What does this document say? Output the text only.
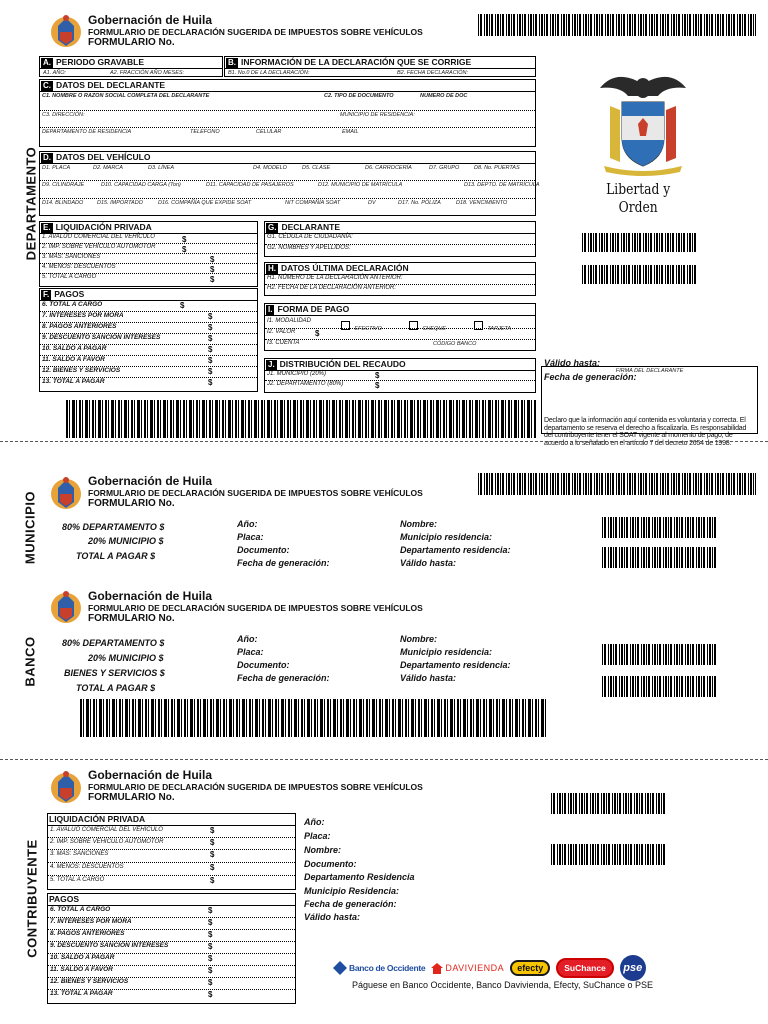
Gobernación de Huila
FORMULARIO DE DECLARACIÓN SUGERIDA DE IMPUESTOS SOBRE VEHÍCULOS
FORMULARIO No.
DEPARTAMENTO
A. PERIODO GRAVABLE
A1. AÑO:	A2. FRACCIÓN AÑO MESES:
B. INFORMACIÓN DE LA DECLARACIÓN QUE SE CORRIGE
B1. No.0 DE LA DECLARACIÓN:	B2. FECHA DECLARACIÓN:
C. DATOS DEL DECLARANTE
C1. NOMBRE O RAZON SOCIAL COMPLETA DEL DECLARANTE	C2. TIPO DE DOCUMENTO	NUMERO DE DOC
C3. DIRECCIÓN:	MUNICIPIO DE RESIDENCIA:
DEPARTAMENTO DE RESIDENCIA	TELEFONO	CELULAR	EMAIL
D. DATOS DEL VEHÍCULO
D1. PLACA	D2. MARCA	D3. LÍNEA	D4. MODELO	D5. CLASE	D6. CARROCERÍA	D7. GRUPO	D8. No. PUERTAS
D9. CILINDRAJE	D10. CAPACIDAD CARGA (Ton)	D11. CAPACIDAD DE PASAJEROS	D12. MUNICIPIO DE MATRÍCULA	D13. DEPTO. DE MATRÍCULA
D14. BLINDADO D15. IMPORTADO	D16. COMPAÑÍA QUE EXPIDE SOAT	NIT COMPAÑÍA SOAT	DV	D17. No. PÓLIZA	D18. VENCIMIENTO
E. LIQUIDACIÓN PRIVADA
1. AVALÚO COMERCIAL DEL VEHÍCULO	$
2. IMP. SOBRE VEHÍCULO AUTOMOTOR	$
3. MÁS: SANCIONES	$
4. MENOS: DESCUENTOS	$
5. TOTAL A CARGO	$
F. PAGOS
6. TOTAL A CARGO	$
7. INTERESES POR MORA	$
8. PAGOS ANTERIORES	$
9. DESCUENTO SANCIÓN INTERESES	$
10. SALDO A PAGAR	$
11. SALDO A FAVOR	$
12. BIENES Y SERVICIOS	$
13. TOTAL A PAGAR	$
G. DECLARANTE
G1. CÉDULA DE CIUDADANÍA:
G2. NOMBRES Y APELLIDOS:
H. DATOS ÚLTIMA DECLARACIÓN
H1. NÚMERO DE LA DECLARACIÓN ANTERIOR:
H2. FECHA DE LA DECLARACIÓN ANTERIOR:
I. FORMA DE PAGO
I1. MODALIDAD
EFECTIVO	CHEQUE	TARJETA
I2. VALOR $
I3. CUENTA	CÓDIGO BANCO
J. DISTRIBUCIÓN DEL RECAUDO
J1. MUNICIPIO (20%)	$
J2. DEPARTAMENTO (80%)	$
Libertad y Orden
Válido hasta:
Fecha de generación:
FIRMA DEL DECLARANTE
Declaro que la información aquí contenida es voluntaria y correcta. El departamento se reserva el derecho a fiscalizarla. Es responsabilidad del contribuyente tener el SOAT vigente al momento de pago, de acuerdo a lo señalado en el artículo 7 del decreto 2654 de 1998.
Gobernación de Huila
FORMULARIO DE DECLARACIÓN SUGERIDA DE IMPUESTOS SOBRE VEHÍCULOS
FORMULARIO No.
MUNICIPIO	80% DEPARTAMENTO $
20% MUNICIPIO $
TOTAL A PAGAR $
Año:
Placa:
Documento:
Fecha de generación:
Nombre:
Municipio residencia:
Departamento residencia:
Válido hasta:
Gobernación de Huila
FORMULARIO DE DECLARACIÓN SUGERIDA DE IMPUESTOS SOBRE VEHÍCULOS
FORMULARIO No.
BANCO	80% DEPARTAMENTO $
20% MUNICIPIO $
BIENES Y SERVICIOS $
TOTAL A PAGAR $
Año:
Placa:
Documento:
Fecha de generación:
Nombre:
Municipio residencia:
Departamento residencia:
Válido hasta:
Gobernación de Huila
FORMULARIO DE DECLARACIÓN SUGERIDA DE IMPUESTOS SOBRE VEHÍCULOS
FORMULARIO No.
CONTRIBUYENTE
LIQUIDACIÓN PRIVADA
1. AVALÚO COMERCIAL DEL VEHÍCULO	$
2. IMP. SOBRE VEHÍCULO AUTOMOTOR	$
3. MÁS: SANCIONES	$
4. MENOS: DESCUENTOS	$
5. TOTAL A CARGO	$
PAGOS
6. TOTAL A CARGO	$
7. INTERESES POR MORA	$
8. PAGOS ANTERIORES	$
9. DESCUENTO SANCIÓN INTERESES	$
10. SALDO A PAGAR	$
11. SALDO A FAVOR	$
12. BIENES Y SERVICIOS	$
13. TOTAL A PAGAR	$
Año:
Placa:
Nombre:
Documento:
Departamento Residencia
Municipio Residencia:
Fecha de generación:
Válido hasta:
Banco de Occidente DAVIVIENDA	efecty	SuChance	pse
Páguese en Banco Occidente, Banco Davivienda, Efecty, SuChance o PSE
